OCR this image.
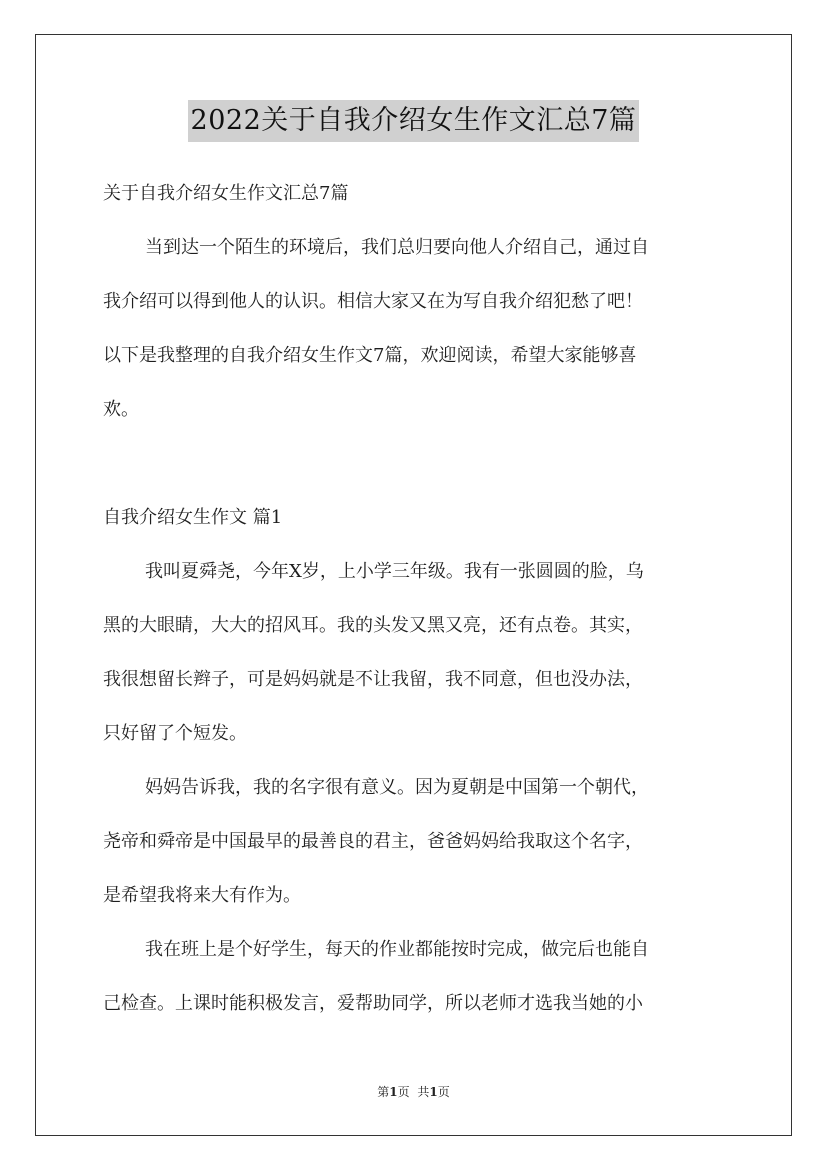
2022关于自我介绍女生作文汇总7篇
关于自我介绍女生作文汇总7篇
当到达一个陌生的环境后，我们总归要向他人介绍自己，通过自
我介绍可以得到他人的认识。相信大家又在为写自我介绍犯愁了吧！
以下是我整理的自我介绍女生作文7篇，欢迎阅读，希望大家能够喜
欢。
自我介绍女生作文 篇1
我叫夏舜尧，今年X岁，上小学三年级。我有一张圆圆的脸，乌
黑的大眼睛，大大的招风耳。我的头发又黑又亮，还有点卷。其实，
我很想留长辫子，可是妈妈就是不让我留，我不同意，但也没办法，
只好留了个短发。
妈妈告诉我，我的名字很有意义。因为夏朝是中国第一个朝代，
尧帝和舜帝是中国最早的最善良的君主，爸爸妈妈给我取这个名字，
是希望我将来大有作为。
我在班上是个好学生，每天的作业都能按时完成，做完后也能自
己检查。上课时能积极发言，爱帮助同学，所以老师才选我当她的小
第1页 共1页
